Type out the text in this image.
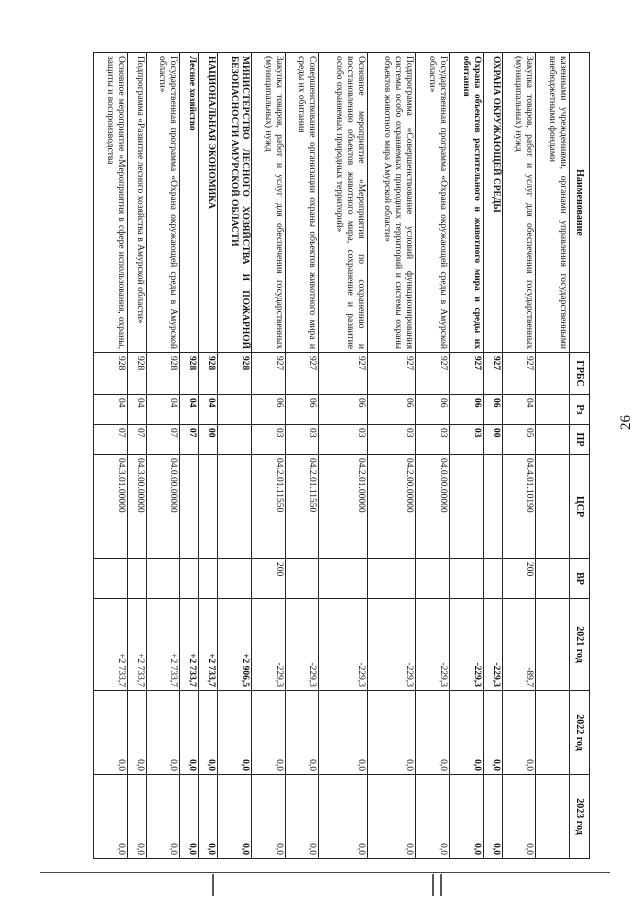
26
Наименование	ГРБС	Рз	ПР	ЦСР	ВР	2021 год	2022 год	2023 год
казенными учреждениями, органами управления государственными внебюджетными фондами								
Закупка товаров, работ и услуг для обеспечения государственных (муниципальных) нужд	927	04	05	04.4.01.10190	200	-89,7	0,0	0,0
ОХРАНА ОКРУЖАЮЩЕЙ СРЕДЫ	927	06	00			-229,3	0,0	0,0
Охрана объектов растительного и животного мира и среды их обитания	927	06	03			-229,3	0,0	0,0
Государственная программа «Охрана окружающей среды в Амурской области»	927	06	03	04.0.00.00000		-229,3	0,0	0,0
Подпрограмма «Совершенствование условий функционирования системы особо охраняемых природных территорий и системы охраны объектов животного мира Амурской области»	927	06	03	04.2.00.00000		-229,3	0,0	0,0
Основное мероприятие «Мероприятия по сохранению и восстановлению объектов животного мира, сохранение и развитие особо охраняемых природных территорий»	927	06	03	04.2.01.00000		-229,3	0,0	0,0
Совершенствование организации охраны объектов животного мира и среды их обитания	927	06	03	04.2.01.11550		-229,3	0,0	0,0
Закупка товаров, работ и услуг для обеспечения государственных (муниципальных) нужд	927	06	03	04.2.01.11550	200	-229,3	0,0	0,0
МИНИСТЕРСТВО ЛЕСНОГО ХОЗЯЙСТВА И ПОЖАРНОЙ БЕЗОПАСНОСТИ АМУРСКОЙ ОБЛАСТИ	928					+2 906,5	0,0	0,0
НАЦИОНАЛЬНАЯ ЭКОНОМИКА	928	04	00			+2 733,7	0,0	0,0
Лесное хозяйство	928	04	07			+2 733,7	0,0	0,0
Государственная программа «Охрана окружающей среды в Амурской области»	928	04	07	04.0.00.00000		+2 733,7	0,0	0,0
Подпрограмма «Развитие лесного хозяйства в Амурской области»	928	04	07	04.3.00.00000		+2 733,7	0,0	0,0
Основное мероприятие «Мероприятия в сфере использования, охраны, защиты и воспроизводства	928	04	07	04.3.01.00000		+2 733,7	0,0	0,0
